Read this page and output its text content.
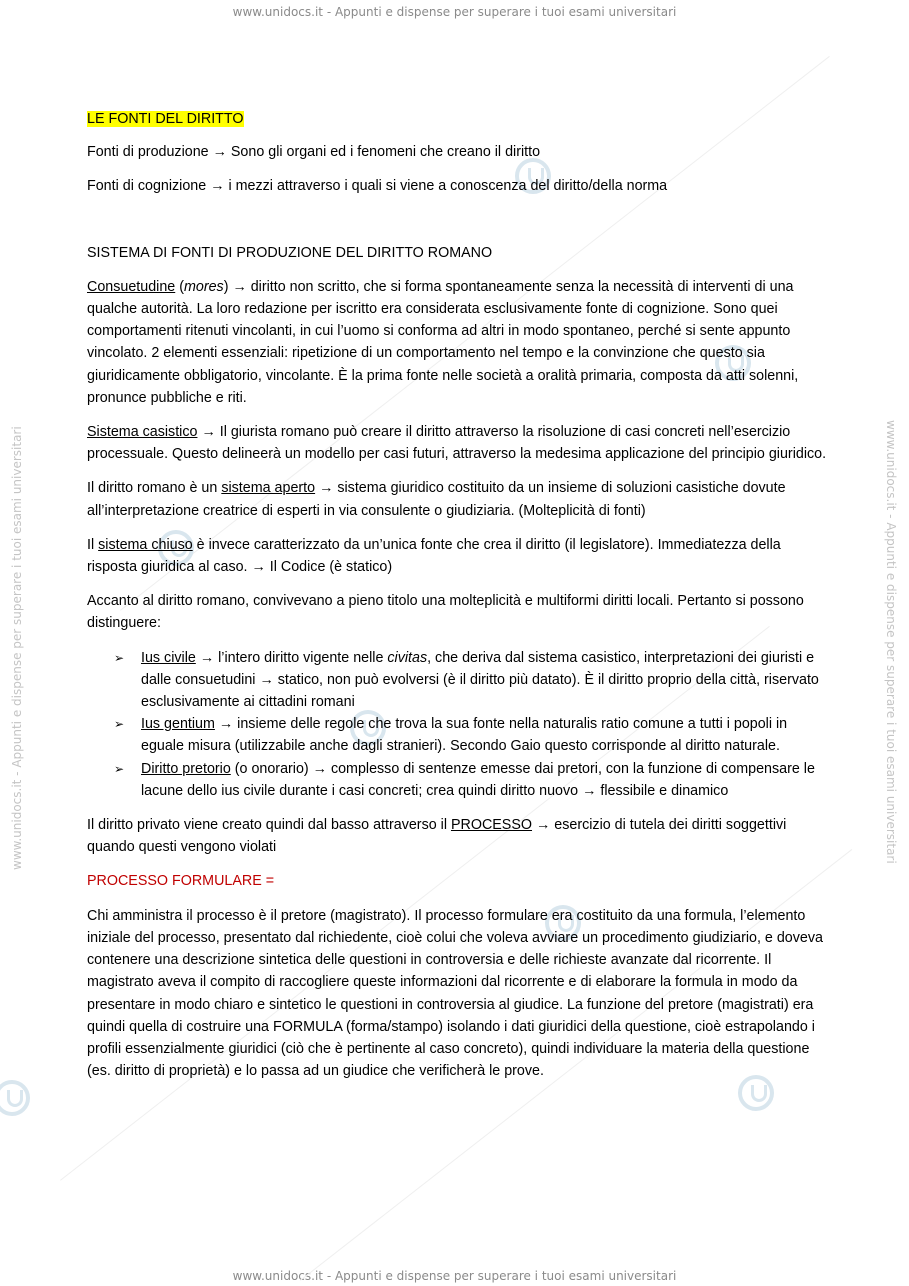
www.unidocs.it - Appunti e dispense per superare i tuoi esami universitari
www.unidocs.it - Appunti e dispense per superare i tuoi esami universitari
www.unidocs.it - Appunti e dispense per superare i tuoi esami universitari	www.unidocs.it - Appunti e dispense per superare i tuoi esami universitari

LE FONTI DEL DIRITTO

Fonti di produzione → Sono gli organi ed i fenomeni che creano il diritto

Fonti di cognizione → i mezzi attraverso i quali si viene a conoscenza del diritto/della norma

SISTEMA DI FONTI DI PRODUZIONE DEL DIRITTO ROMANO

Consuetudine (mores) → diritto non scritto, che si forma spontaneamente senza la necessità di interventi di una qualche autorità. La loro redazione per iscritto era considerata esclusivamente fonte di cognizione. Sono quei comportamenti ritenuti vincolanti, in cui l’uomo si conforma ad altri in modo spontaneo, perché si sente appunto vincolato. 2 elementi essenziali: ripetizione di un comportamento nel tempo e la convinzione che questo sia giuridicamente obbligatorio, vincolante. È la prima fonte nelle società a oralità primaria, composta da atti solenni, pronunce pubbliche e riti.

Sistema casistico → Il giurista romano può creare il diritto attraverso la risoluzione di casi concreti nell’esercizio processuale. Questo delineerà un modello per casi futuri, attraverso la medesima applicazione del principio giuridico.

Il diritto romano è un sistema aperto → sistema giuridico costituito da un insieme di soluzioni casistiche dovute all’interpretazione creatrice di esperti in via consulente o giudiziaria. (Molteplicità di fonti)

Il sistema chiuso è invece caratterizzato da un’unica fonte che crea il diritto (il legislatore). Immediatezza della risposta giuridica al caso. → Il Codice (è statico)

Accanto al diritto romano, convivevano a pieno titolo una molteplicità e multiformi diritti locali. Pertanto si possono distinguere:

➢ Ius civile → l’intero diritto vigente nelle civitas, che deriva dal sistema casistico, interpretazioni dei giuristi e dalle consuetudini → statico, non può evolversi (è il diritto più datato). È il diritto proprio della città, riservato esclusivamente ai cittadini romani
➢ Ius gentium → insieme delle regole che trova la sua fonte nella naturalis ratio comune a tutti i popoli in eguale misura (utilizzabile anche dagli stranieri). Secondo Gaio questo corrisponde al diritto naturale.
➢ Diritto pretorio (o onorario) → complesso di sentenze emesse dai pretori, con la funzione di compensare le lacune dello ius civile durante i casi concreti; crea quindi diritto nuovo → flessibile e dinamico

Il diritto privato viene creato quindi dal basso attraverso il PROCESSO → esercizio di tutela dei diritti soggettivi quando questi vengono violati

PROCESSO FORMULARE =

Chi amministra il processo è il pretore (magistrato). Il processo formulare era costituito da una formula, l’elemento iniziale del processo, presentato dal richiedente, cioè colui che voleva avviare un procedimento giudiziario, e doveva contenere una descrizione sintetica delle questioni in controversia e delle richieste avanzate dal ricorrente. Il magistrato aveva il compito di raccogliere queste informazioni dal ricorrente e di elaborare la formula in modo da presentare in modo chiaro e sintetico le questioni in controversia al giudice. La funzione del pretore (magistrati) era quindi quella di costruire una FORMULA (forma/stampo) isolando i dati giuridici della questione, cioè estrapolando i profili essenzialmente giuridici (ciò che è pertinente al caso concreto), quindi individuare la materia della questione (es. diritto di proprietà) e lo passa ad un giudice che verificherà le prove.
